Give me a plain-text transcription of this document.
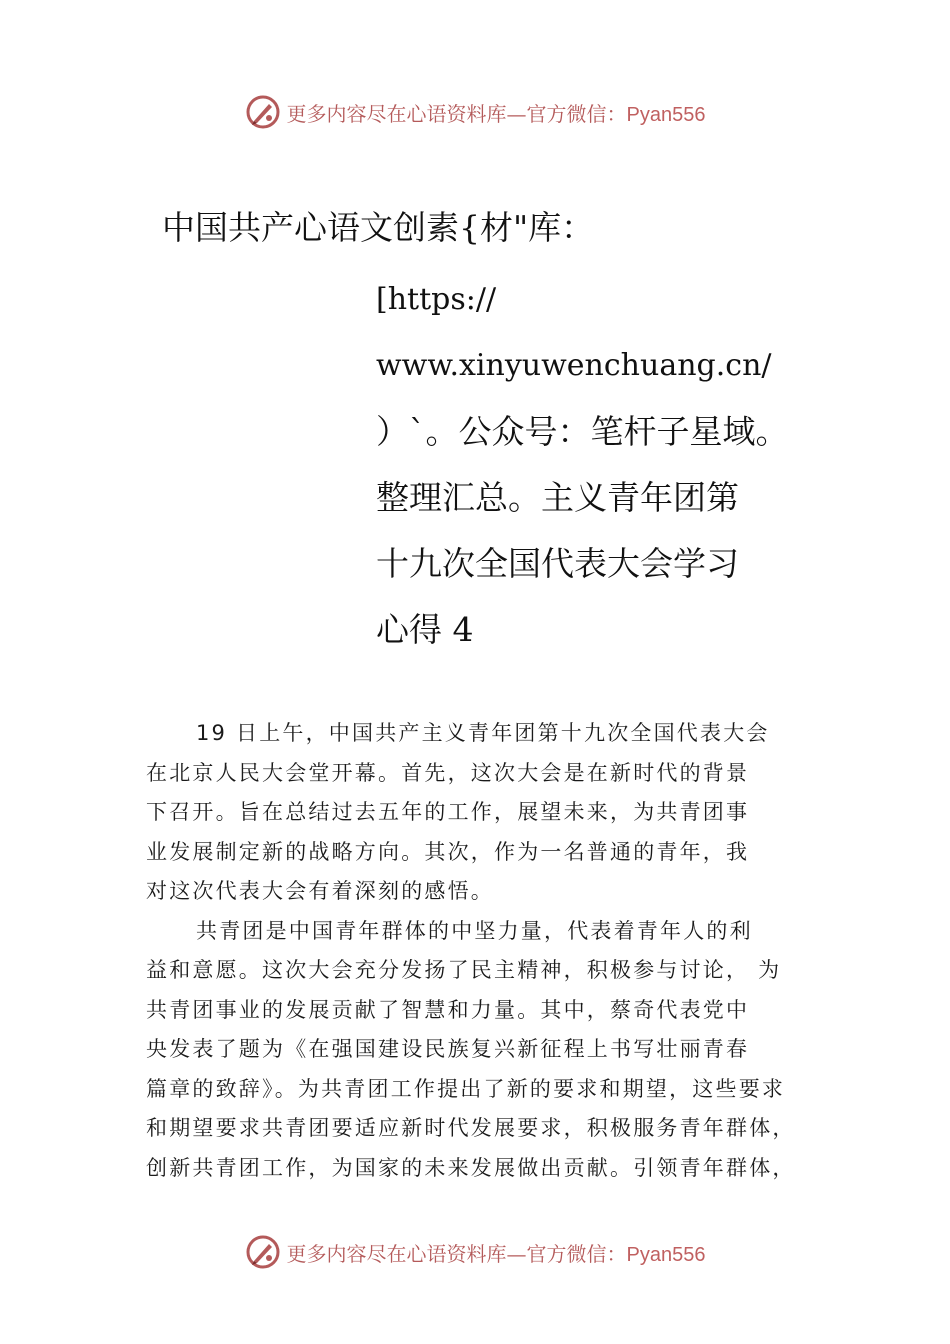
更多内容尽在心语资料库—官方微信：Pyan556
中国共产心语文创素{材"库：
[https://
www.xinyuwenchuang.cn/
）`。公众号：笔杆子星域。
整理汇总。主义青年团第
十九次全国代表大会学习
心得 4
19 日上午，中国共产主义青年团第十九次全国代表大会
在北京人民大会堂开幕。首先，这次大会是在新时代的背景
下召开。旨在总结过去五年的工作，展望未来，为共青团事
业发展制定新的战略方向。其次，作为一名普通的青年，我
对这次代表大会有着深刻的感悟。
共青团是中国青年群体的中坚力量，代表着青年人的利
益和意愿。这次大会充分发扬了民主精神，积极参与讨论， 为
共青团事业的发展贡献了智慧和力量。其中，蔡奇代表党中
央发表了题为《在强国建设民族复兴新征程上书写壮丽青春
篇章的致辞》。为共青团工作提出了新的要求和期望，这些要求
和期望要求共青团要适应新时代发展要求，积极服务青年群体，
创新共青团工作，为国家的未来发展做出贡献。引领青年群体，
更多内容尽在心语资料库—官方微信：Pyan556
